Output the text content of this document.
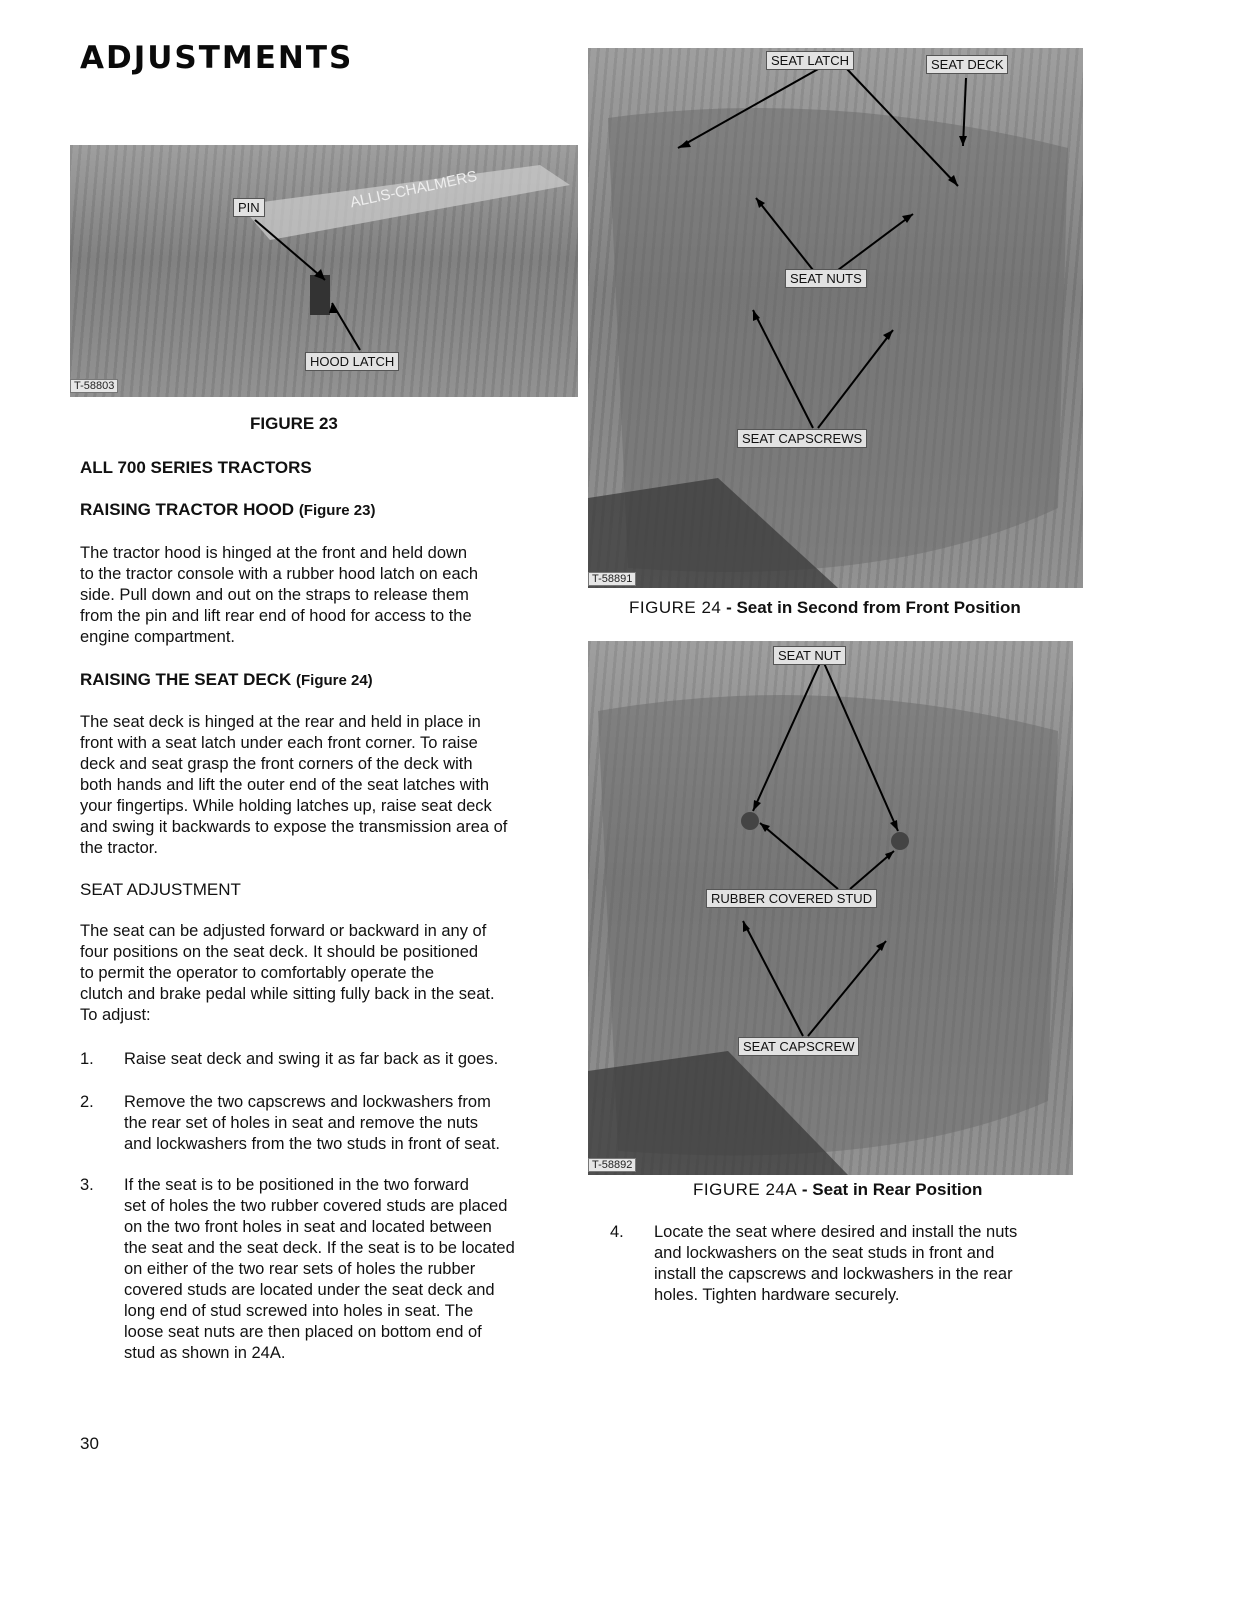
ADJUSTMENTS
ALLIS-CHALMERS
PIN
HOOD LATCH
T-58803
FIGURE 23
ALL 700 SERIES TRACTORS
RAISING TRACTOR HOOD (Figure 23)
The tractor hood is hinged at the front and held down
to the tractor console with a rubber hood latch on each
side. Pull down and out on the straps to release them
from the pin and lift rear end of hood for access to the
engine compartment.
RAISING THE SEAT DECK (Figure 24)
The seat deck is hinged at the rear and held in place in
front with a seat latch under each front corner. To raise
deck and seat grasp the front corners of the deck with
both hands and lift the outer end of the seat latches with
your fingertips. While holding latches up, raise seat deck
and swing it backwards to expose the transmission area of
the tractor.
SEAT ADJUSTMENT
The seat can be adjusted forward or backward in any of
four positions on the seat deck. It should be positioned
to permit the operator to comfortably operate the
clutch and brake pedal while sitting fully back in the seat.
To adjust:
1. Raise seat deck and swing it as far back as it goes.
2. Remove the two capscrews and lockwashers from
the rear set of holes in seat and remove the nuts
and lockwashers from the two studs in front of seat.
3. If the seat is to be positioned in the two forward
set of holes the two rubber covered studs are placed
on the two front holes in seat and located between
the seat and the seat deck. If the seat is to be located
on either of the two rear sets of holes the rubber
covered studs are located under the seat deck and
long end of stud screwed into holes in seat. The
loose seat nuts are then placed on bottom end of
stud as shown in 24A.
SEAT LATCH	SEAT DECK
SEAT NUTS
SEAT CAPSCREWS
T-58891
FIGURE 24 - Seat in Second from Front Position
SEAT NUT
RUBBER COVERED STUD
SEAT CAPSCREW
T-58892
FIGURE 24A - Seat in Rear Position
4. Locate the seat where desired and install the nuts
and lockwashers on the seat studs in front and
install the capscrews and lockwashers in the rear
holes. Tighten hardware securely.
30
